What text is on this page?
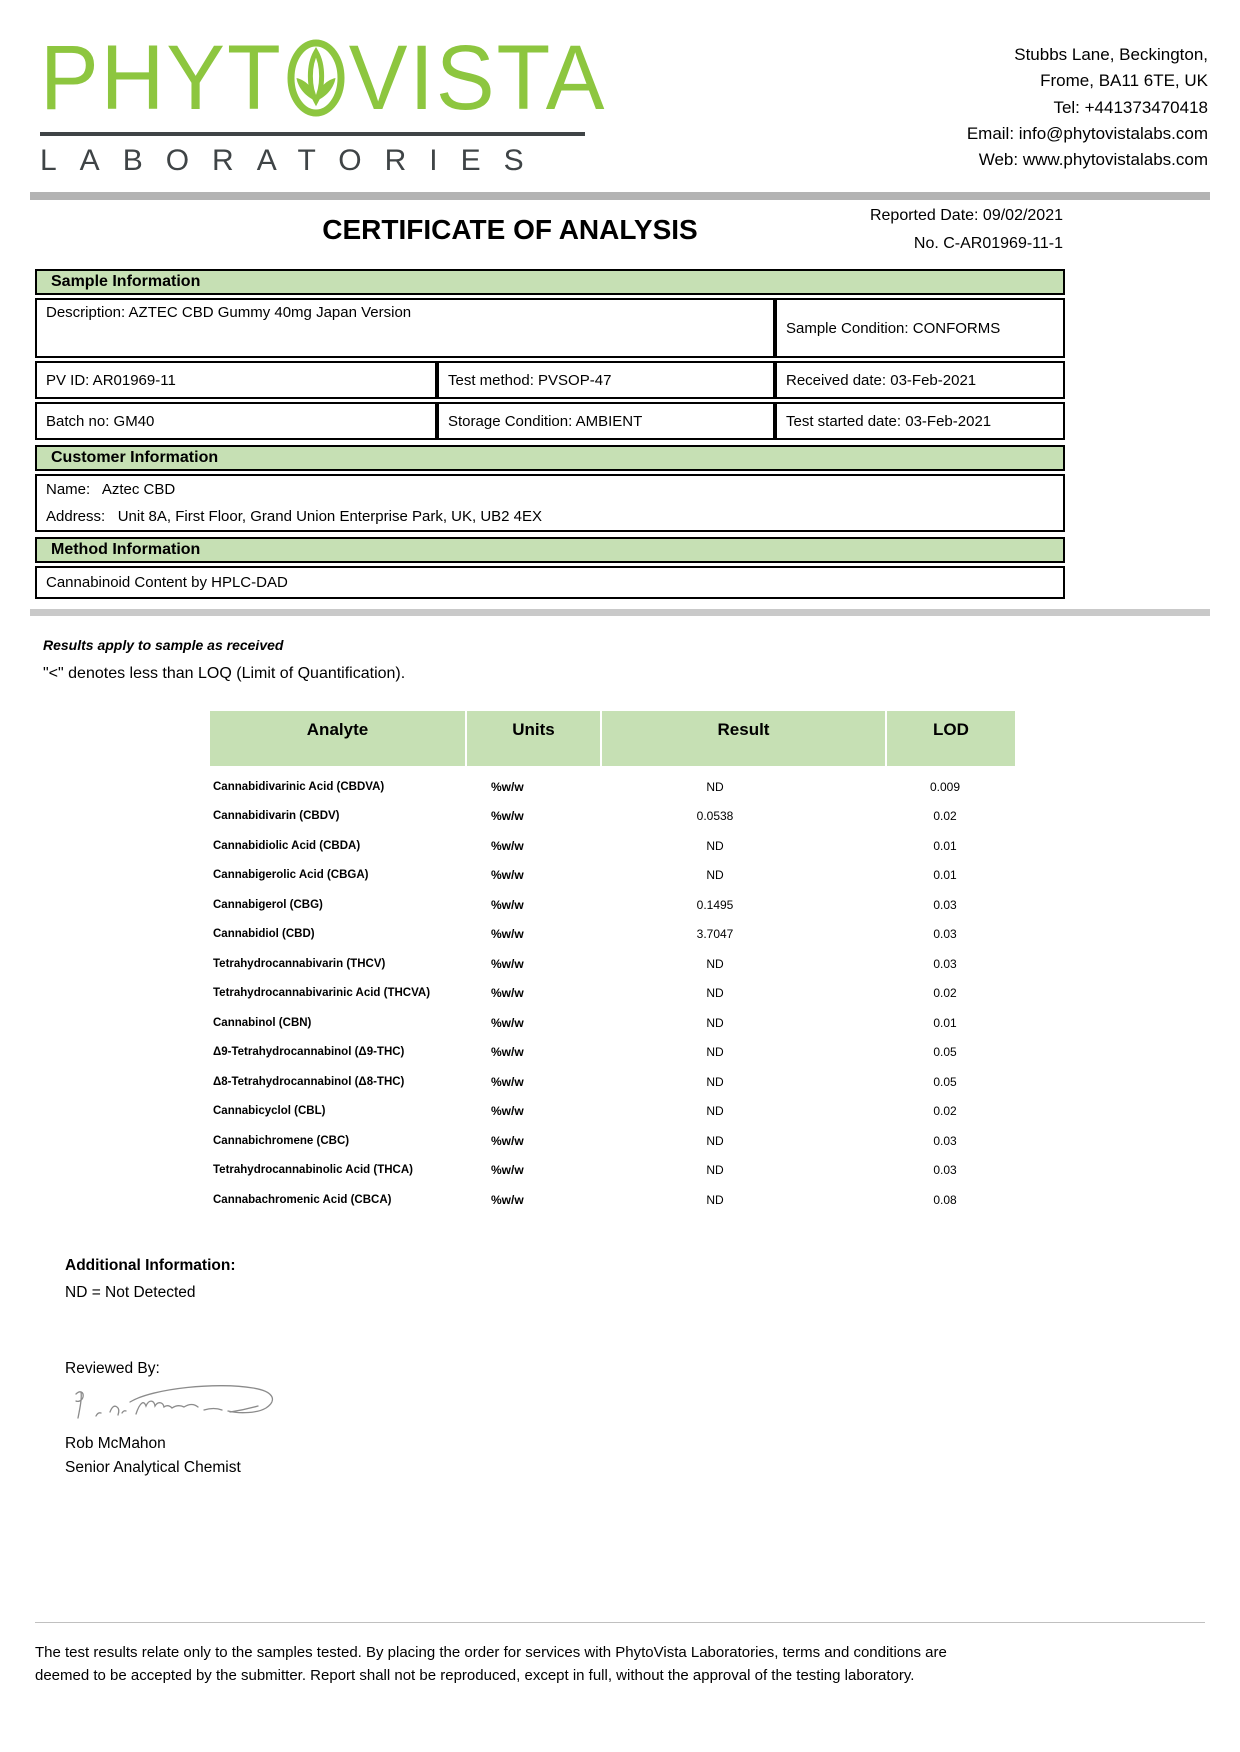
PHYT VISTA
LABORATORIES
Stubbs Lane, Beckington,
Frome, BA11 6TE, UK
Tel: +441373470418
Email: info@phytovistalabs.com
Web: www.phytovistalabs.com
CERTIFICATE OF ANALYSIS	Reported Date: 09/02/2021
No. C-AR01969-11-1
Sample Information
Description: AZTEC CBD Gummy 40mg Japan Version
Sample Condition: CONFORMS
PV ID: AR01969-11	Test method: PVSOP-47	Received date: 03-Feb-2021
Batch no: GM40	Storage Condition: AMBIENT	Test started date: 03-Feb-2021
Customer Information
Name:   Aztec CBD
Address:   Unit 8A, First Floor, Grand Union Enterprise Park, UK, UB2 4EX
Method Information
Cannabinoid Content by HPLC-DAD
Results apply to sample as received
"<" denotes less than LOQ (Limit of Quantification).
Analyte	Units	Result	LOD
Cannabidivarinic Acid (CBDVA)	%w/w	ND	0.009
Cannabidivarin (CBDV)	%w/w	0.0538	0.02
Cannabidiolic Acid (CBDA)	%w/w	ND	0.01
Cannabigerolic Acid (CBGA)	%w/w	ND	0.01
Cannabigerol (CBG)	%w/w	0.1495	0.03
Cannabidiol (CBD)	%w/w	3.7047	0.03
Tetrahydrocannabivarin (THCV)	%w/w	ND	0.03
Tetrahydrocannabivarinic Acid (THCVA)	%w/w	ND	0.02
Cannabinol (CBN)	%w/w	ND	0.01
Δ9-Tetrahydrocannabinol (Δ9-THC)	%w/w	ND	0.05
Δ8-Tetrahydrocannabinol (Δ8-THC)	%w/w	ND	0.05
Cannabicyclol (CBL)	%w/w	ND	0.02
Cannabichromene (CBC)	%w/w	ND	0.03
Tetrahydrocannabinolic Acid (THCA)	%w/w	ND	0.03
Cannabachromenic Acid (CBCA)	%w/w	ND	0.08
Additional Information:
ND = Not Detected
Reviewed By:
Rob McMahon
Senior Analytical Chemist
The test results relate only to the samples tested. By placing the order for services with PhytoVista Laboratories, terms and conditions are
deemed to be accepted by the submitter. Report shall not be reproduced, except in full, without the approval of the testing laboratory.
